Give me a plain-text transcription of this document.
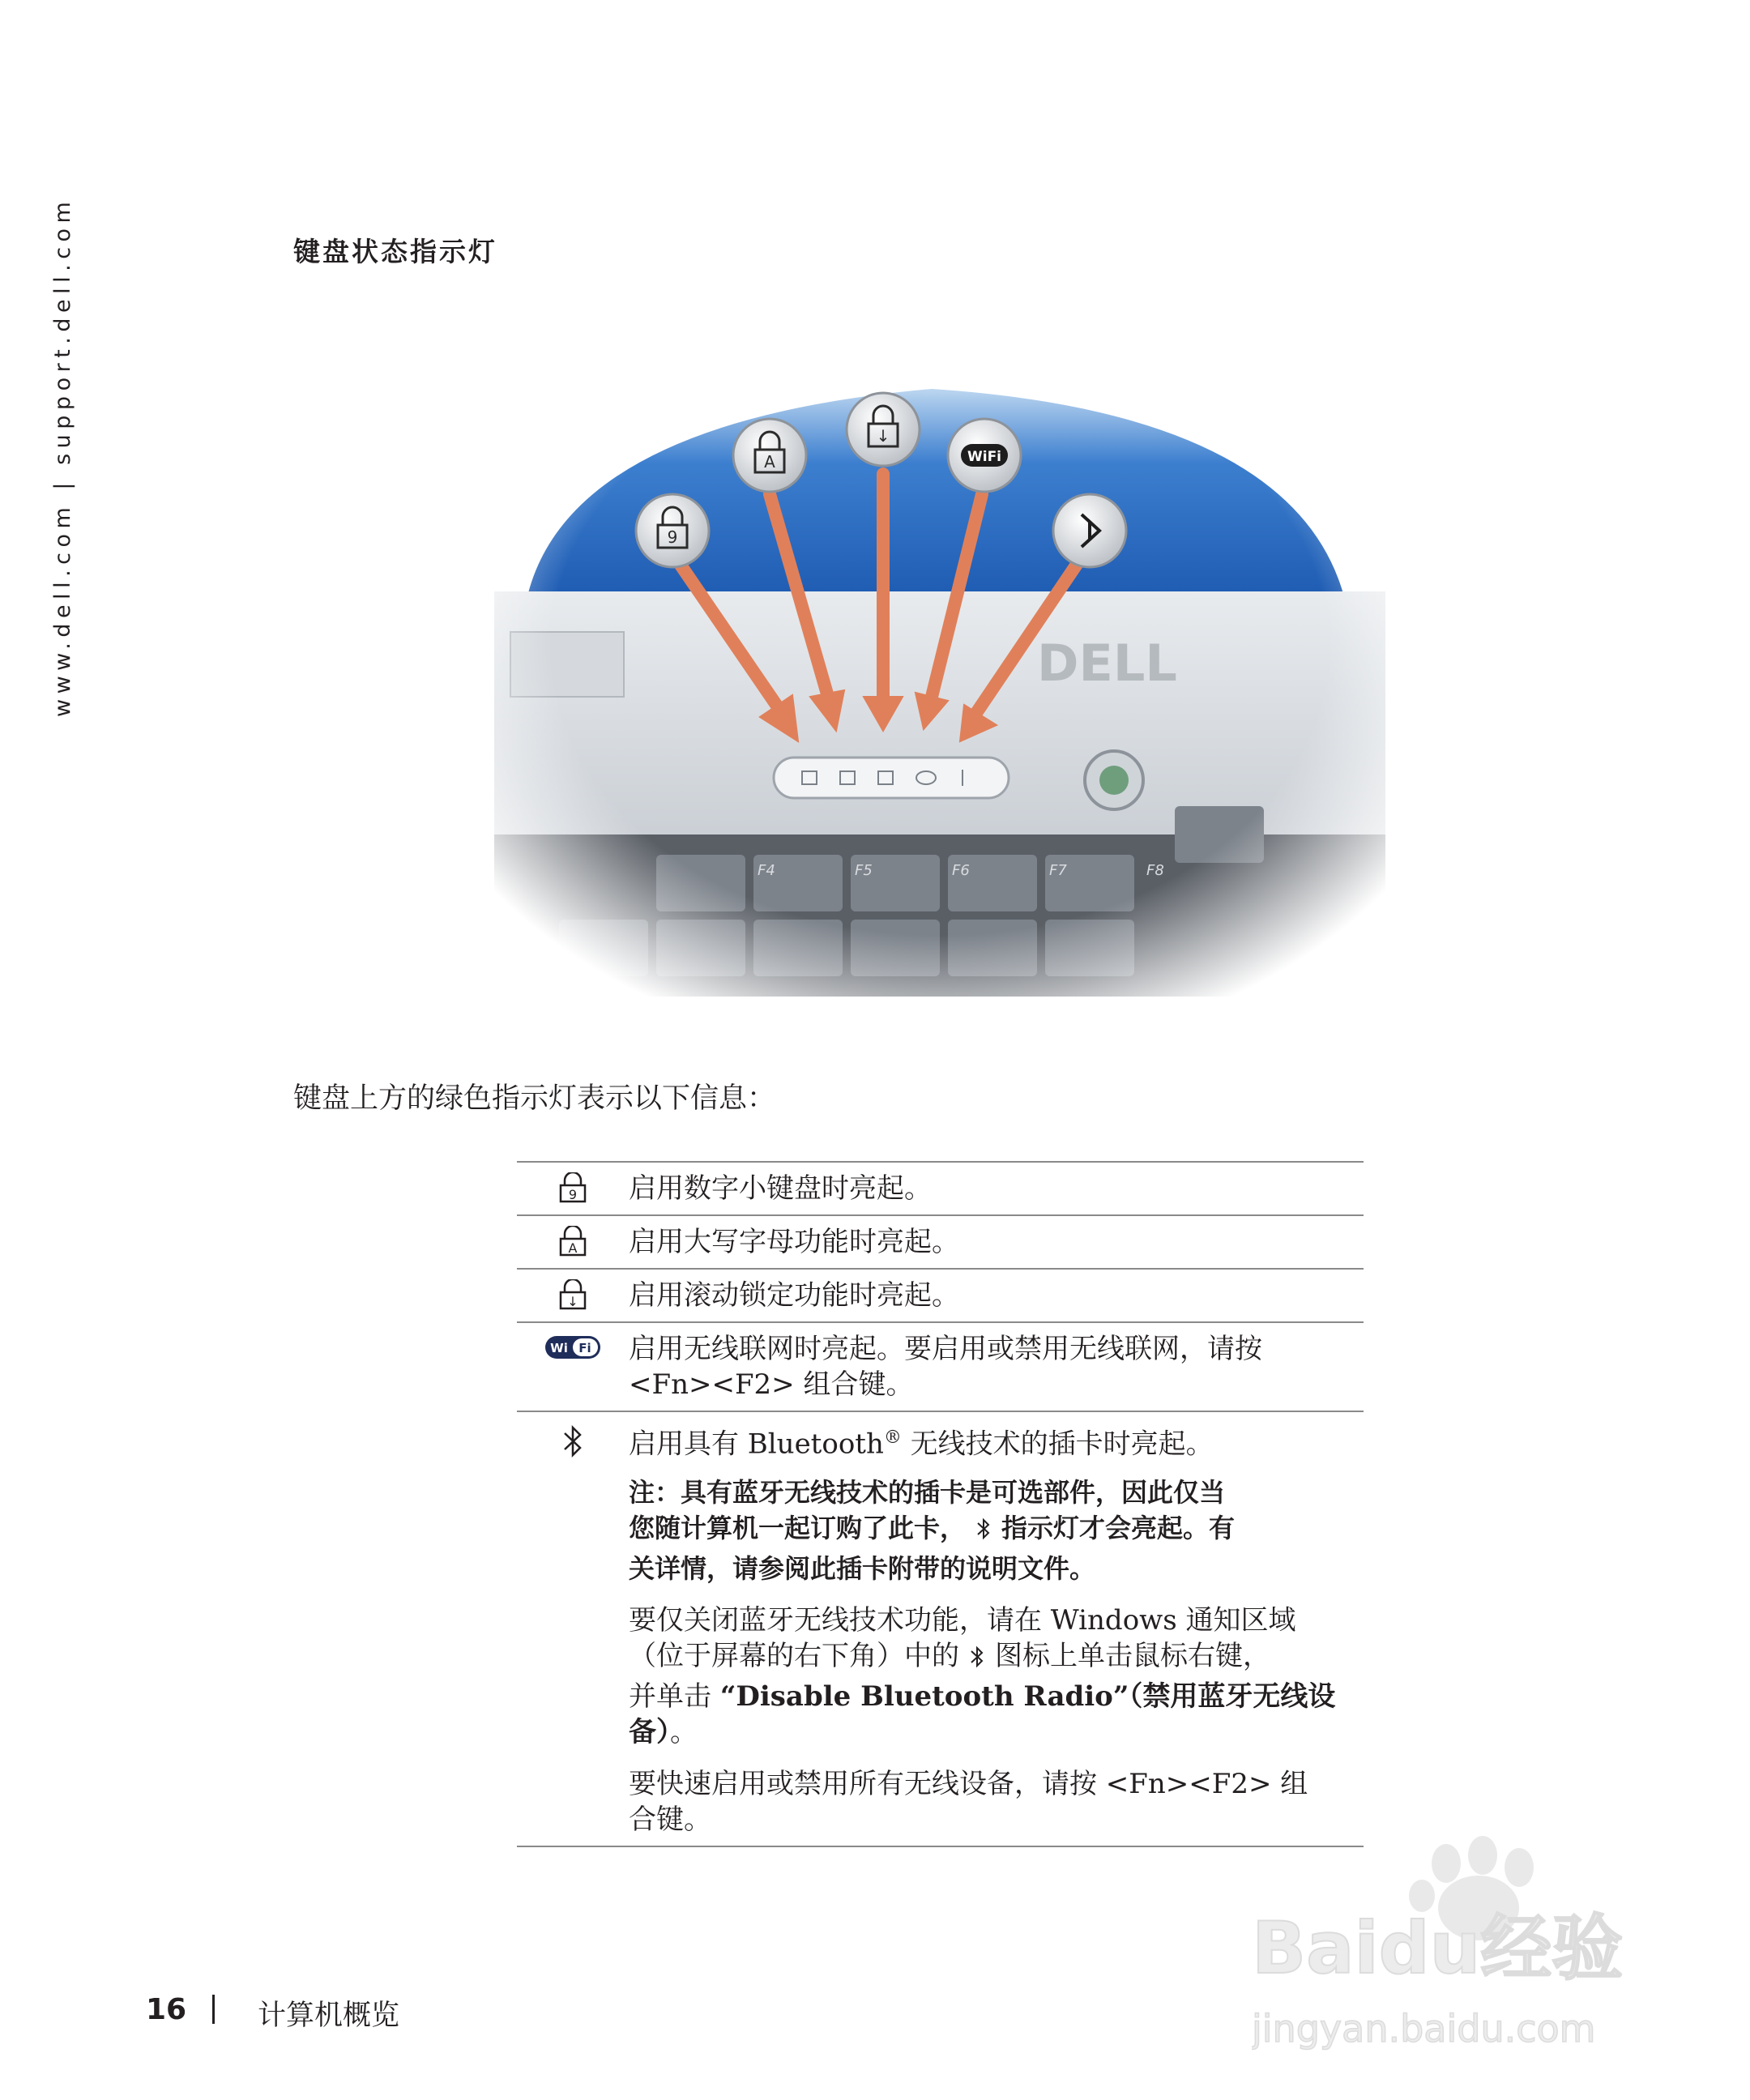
www.dell.com | support.dell.com	键盘状态指示灯
9
A
↓
WiFi
键盘上方的绿色指示灯表示以下信息：
9 启用数字小键盘时亮起。

A 启用大写字母功能时亮起。

↓ 启用滚动锁定功能时亮起。

Wi Fi 启用无线联网时亮起。要启用或禁用无线联网，请按

<Fn><F2> 组合键。

启用具有 Bluetooth® 无线技术的插卡时亮起。

注：具有蓝牙无线技术的插卡是可选部件，因此仅当
您随计算机一起订购了此卡， 指示灯才会亮起。有
关详情，请参阅此插卡附带的说明文件。

要仅关闭蓝牙无线技术功能，请在 Windows 通知区域
（位于屏幕的右下角）中的 图标上单击鼠标右键，
并单击 “Disable Bluetooth Radio”（禁用蓝牙无线设
备）。

要快速启用或禁用所有无线设备，请按 <Fn><F2> 组
合键。

16	计算机概览
Baidu经验
jingyan.baidu.com
